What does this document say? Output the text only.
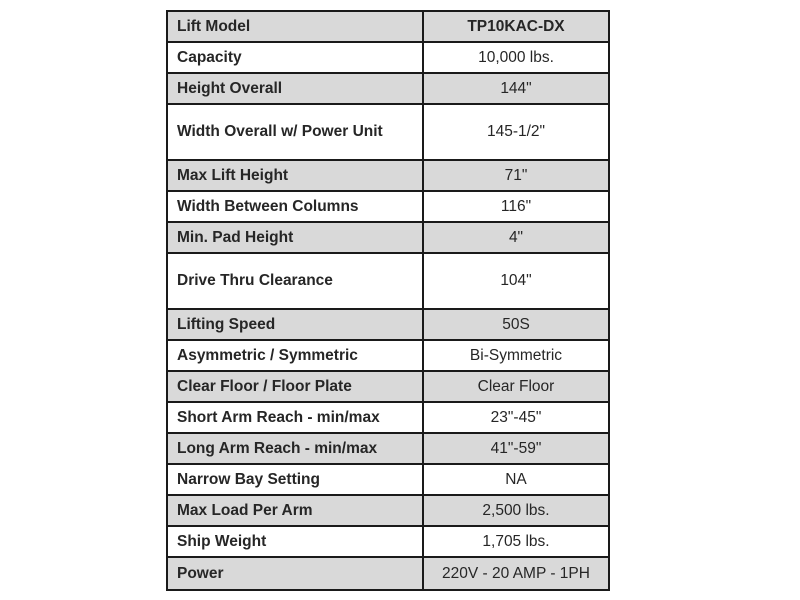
Lift Model	TP10KAC-DX
Capacity	10,000 lbs.
Height Overall	144"
Width Overall w/ Power Unit	145-1/2"
Max Lift Height	71"
Width Between Columns	116"
Min. Pad Height	4"
Drive Thru Clearance	104"
Lifting Speed	50S
Asymmetric / Symmetric	Bi-Symmetric
Clear Floor / Floor Plate	Clear Floor
Short Arm Reach - min/max	23"-45"
Long Arm Reach - min/max	41"-59"
Narrow Bay Setting	NA
Max Load Per Arm	2,500 lbs.
Ship Weight	1,705 lbs.
Power	220V - 20 AMP - 1PH
